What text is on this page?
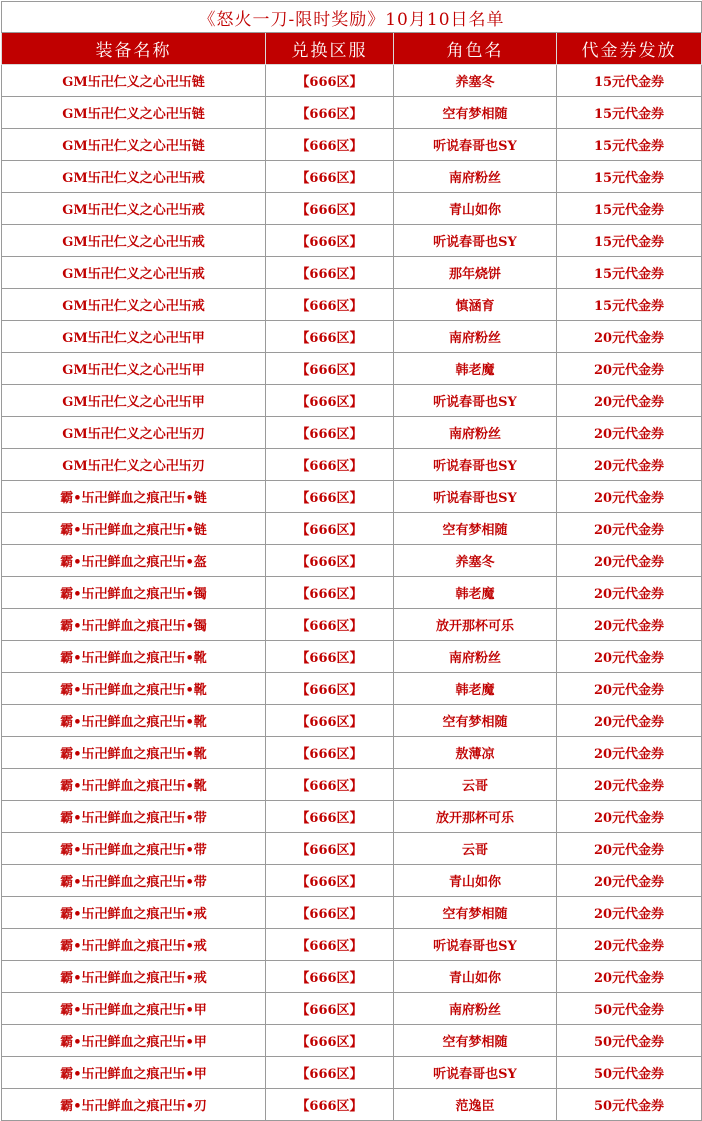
《怒火一刀-限时奖励》10月10日名单			
装备名称	兑换区服	角色名	代金券发放
GM卐卍仁义之心卍卐链	【666区】	养塞冬	15元代金券
GM卐卍仁义之心卍卐链	【666区】	空有梦相随	15元代金券
GM卐卍仁义之心卍卐链	【666区】	听说春哥也SY	15元代金券
GM卐卍仁义之心卍卐戒	【666区】	南府粉丝	15元代金券
GM卐卍仁义之心卍卐戒	【666区】	青山如你	15元代金券
GM卐卍仁义之心卍卐戒	【666区】	听说春哥也SY	15元代金券
GM卐卍仁义之心卍卐戒	【666区】	那年烧饼	15元代金券
GM卐卍仁义之心卍卐戒	【666区】	慎涵育	15元代金券
GM卐卍仁义之心卍卐甲	【666区】	南府粉丝	20元代金券
GM卐卍仁义之心卍卐甲	【666区】	韩老魔	20元代金券
GM卐卍仁义之心卍卐甲	【666区】	听说春哥也SY	20元代金券
GM卐卍仁义之心卍卐刃	【666区】	南府粉丝	20元代金券
GM卐卍仁义之心卍卐刃	【666区】	听说春哥也SY	20元代金券
霸•卐卍鲜血之痕卍卐•链	【666区】	听说春哥也SY	20元代金券
霸•卐卍鲜血之痕卍卐•链	【666区】	空有梦相随	20元代金券
霸•卐卍鲜血之痕卍卐•盔	【666区】	养塞冬	20元代金券
霸•卐卍鲜血之痕卍卐•镯	【666区】	韩老魔	20元代金券
霸•卐卍鲜血之痕卍卐•镯	【666区】	放开那杯可乐	20元代金券
霸•卐卍鲜血之痕卍卐•靴	【666区】	南府粉丝	20元代金券
霸•卐卍鲜血之痕卍卐•靴	【666区】	韩老魔	20元代金券
霸•卐卍鲜血之痕卍卐•靴	【666区】	空有梦相随	20元代金券
霸•卐卍鲜血之痕卍卐•靴	【666区】	敖薄凉	20元代金券
霸•卐卍鲜血之痕卍卐•靴	【666区】	云哥	20元代金券
霸•卐卍鲜血之痕卍卐•带	【666区】	放开那杯可乐	20元代金券
霸•卐卍鲜血之痕卍卐•带	【666区】	云哥	20元代金券
霸•卐卍鲜血之痕卍卐•带	【666区】	青山如你	20元代金券
霸•卐卍鲜血之痕卍卐•戒	【666区】	空有梦相随	20元代金券
霸•卐卍鲜血之痕卍卐•戒	【666区】	听说春哥也SY	20元代金券
霸•卐卍鲜血之痕卍卐•戒	【666区】	青山如你	20元代金券
霸•卐卍鲜血之痕卍卐•甲	【666区】	南府粉丝	50元代金券
霸•卐卍鲜血之痕卍卐•甲	【666区】	空有梦相随	50元代金券
霸•卐卍鲜血之痕卍卐•甲	【666区】	听说春哥也SY	50元代金券
霸•卐卍鲜血之痕卍卐•刃	【666区】	范逸臣	50元代金券
